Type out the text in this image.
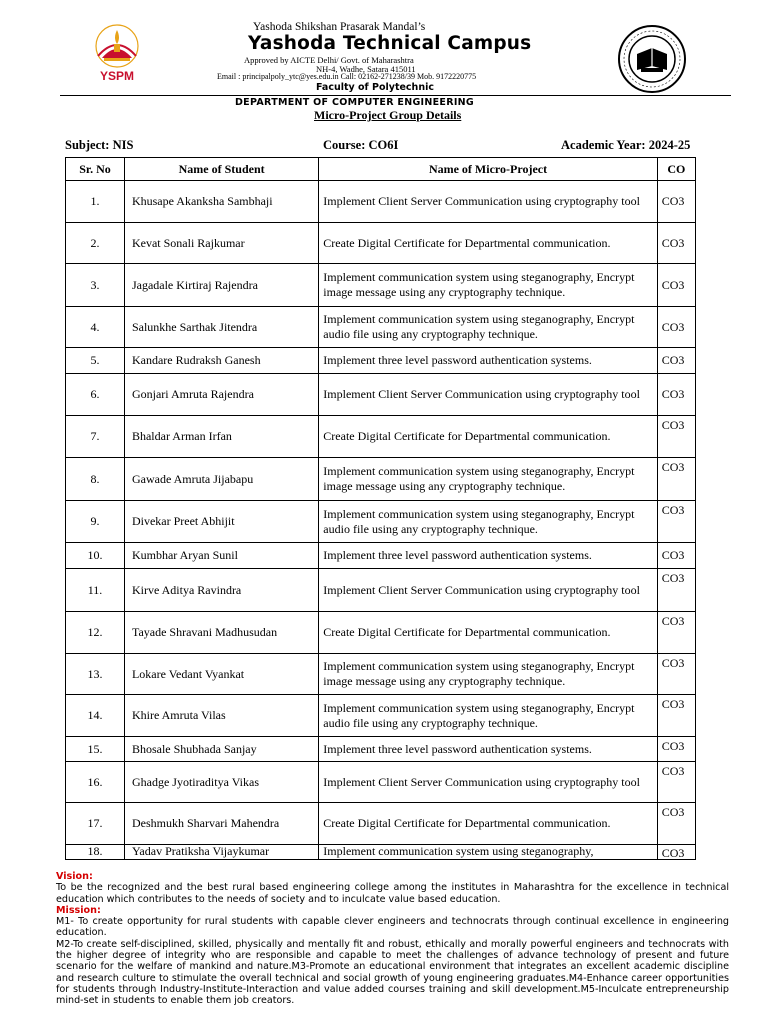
YSPM
Yashoda Shikshan Prasarak Mandal’s
Yashoda Technical Campus
Approved by AICTE Delhi/ Govt. of Maharashtra
NH-4, Wadhe, Satara 415011
Email : principalpoly_ytc@yes.edu.in Call: 02162-271238/39 Mob. 9172220775
Faculty of Polytechnic
DEPARTMENT OF COMPUTER ENGINEERING
Micro-Project Group Details
Subject: NIS	Course: CO6I	Academic Year: 2024-25
Sr. No	Name of Student	Name of Micro-Project	CO
1.	Khusape Akanksha Sambhaji	Implement Client Server Communication using cryptography tool	CO3
2.	Kevat Sonali Rajkumar	Create Digital Certificate for Departmental communication.	CO3
3.	Jagadale Kirtiraj Rajendra	Implement communication system using steganography, Encrypt image message using any cryptography technique.	CO3
4.	Salunkhe Sarthak Jitendra	Implement communication system using steganography, Encrypt audio file using any cryptography technique.	CO3
5.	Kandare Rudraksh Ganesh	Implement three level password authentication systems.	CO3
6.	Gonjari Amruta Rajendra	Implement Client Server Communication using cryptography tool	CO3
7.	Bhaldar Arman Irfan	Create Digital Certificate for Departmental communication.	CO3
8.	Gawade Amruta Jijabapu	Implement communication system using steganography, Encrypt image message using any cryptography technique.	CO3
9.	Divekar Preet Abhijit	Implement communication system using steganography, Encrypt audio file using any cryptography technique.	CO3
10.	Kumbhar Aryan Sunil	Implement three level password authentication systems.	CO3
11.	Kirve Aditya Ravindra	Implement Client Server Communication using cryptography tool	CO3
12.	Tayade Shravani Madhusudan	Create Digital Certificate for Departmental communication.	CO3
13.	Lokare Vedant Vyankat	Implement communication system using steganography, Encrypt image message using any cryptography technique.	CO3
14.	Khire Amruta Vilas	Implement communication system using steganography, Encrypt audio file using any cryptography technique.	CO3
15.	Bhosale Shubhada Sanjay	Implement three level password authentication systems.	CO3
16.	Ghadge Jyotiraditya Vikas	Implement Client Server Communication using cryptography tool	CO3
17.	Deshmukh Sharvari Mahendra	Create Digital Certificate for Departmental communication.	CO3
18.	Yadav Pratiksha Vijaykumar	Implement communication system using steganography,	CO3

Vision:

To be the recognized and the best rural based engineering college among the institutes in Maharashtra for the excellence in technical education which contributes to the needs of society and to inculcate value based education.

Mission:

M1- To create opportunity for rural students with capable clever engineers and technocrats through continual excellence in engineering education.

M2-To create self-disciplined, skilled, physically and mentally fit and robust, ethically and morally powerful engineers and technocrats with the higher degree of integrity who are responsible and capable to meet the challenges of advance technology of present and future scenario for the welfare of mankind and nature.M3-Promote an educational environment that integrates an excellent academic discipline and research culture to stimulate the overall technical and social growth of young engineering graduates.M4-Enhance career opportunities for students through Industry-Institute-Interaction and value added courses training and skill development.M5-Inculcate entrepreneurship mind-set in students to enable them job creators.
